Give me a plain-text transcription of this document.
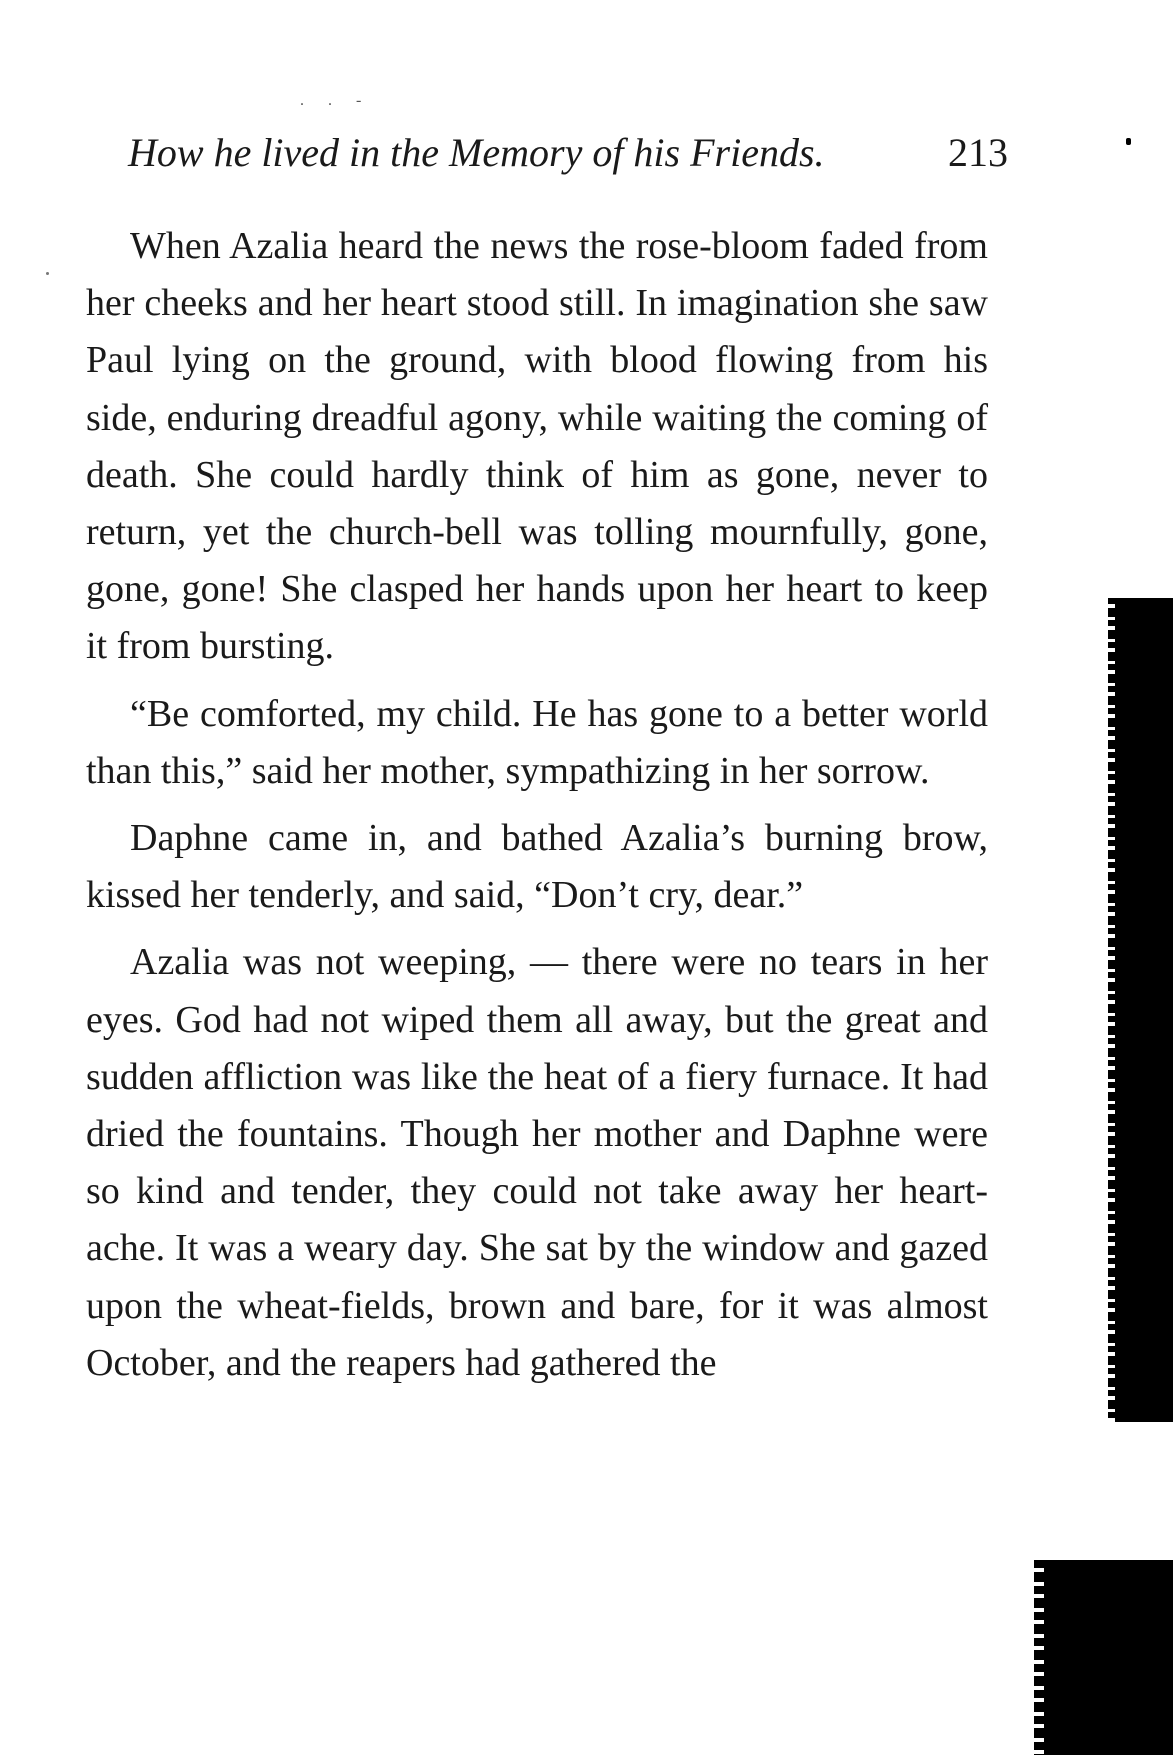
. . -
How he lived in the Memory of his Friends.	213

When Azalia heard the news the rose-bloom faded from her cheeks and her heart stood still. In imagination she saw Paul lying on the ground, with blood flowing from his side, enduring dreadful agony, while waiting the coming of death. She could hardly think of him as gone, never to return, yet the church-bell was tolling mournfully, gone, gone, gone! She clasped her hands upon her heart to keep it from bursting.

“Be comforted, my child. He has gone to a better world than this,” said her mother, sympathizing in her sorrow.

Daphne came in, and bathed Azalia’s burning brow, kissed her tenderly, and said, “Don’t cry, dear.”

Azalia was not weeping, — there were no tears in her eyes. God had not wiped them all away, but the great and sudden affliction was like the heat of a fiery furnace. It had dried the fountains. Though her mother and Daphne were so kind and tender, they could not take away her heart-ache. It was a weary day. She sat by the window and gazed upon the wheat-fields, brown and bare, for it was almost October, and the reapers had gathered the
